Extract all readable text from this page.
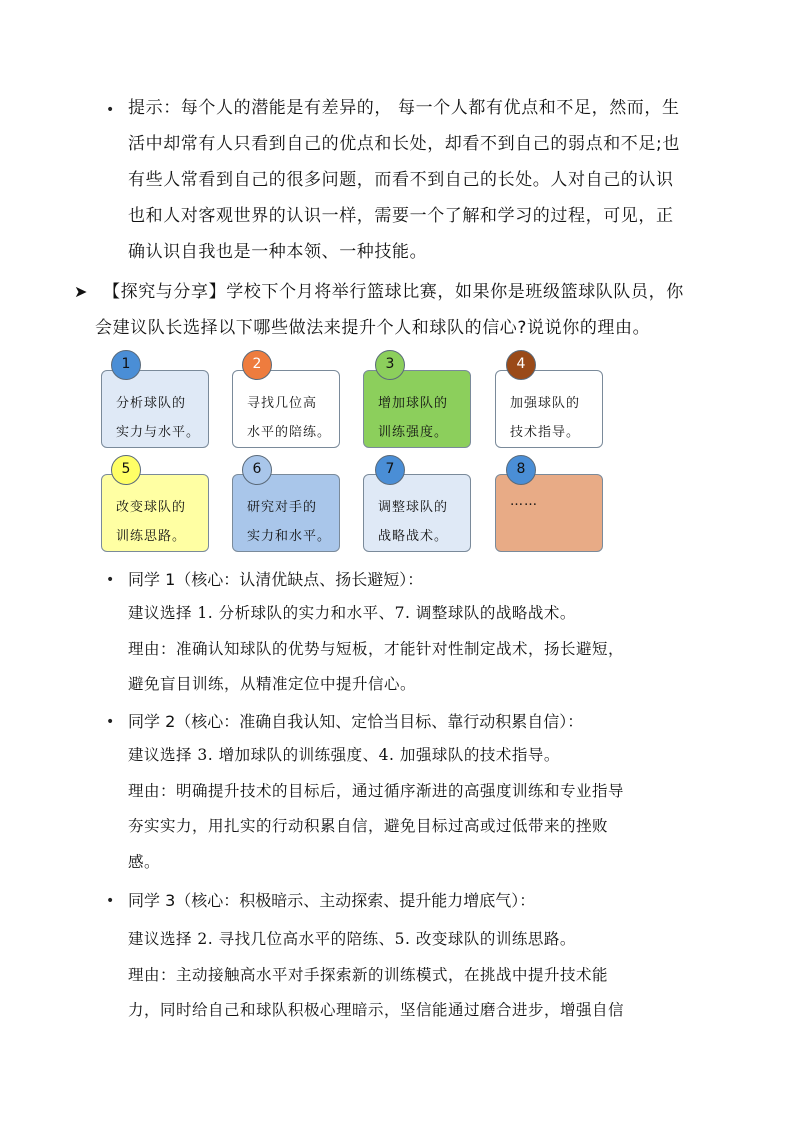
• 提示：每个人的潜能是有差异的， 每一个人都有优点和不足，然而，生
活中却常有人只看到自己的优点和长处，却看不到自己的弱点和不足;也
有些人常看到自己的很多问题，而看不到自己的长处。人对自己的认识
也和人对客观世界的认识一样，需要一个了解和学习的过程，可见，正
确认识自我也是一种本领、一种技能。
➤ 【探究与分享】学校下个月将举行篮球比赛，如果你是班级篮球队队员，你
会建议队长选择以下哪些做法来提升个人和球队的信心?说说你的理由。
分析球队的
实力与水平。
1
寻找几位高
水平的陪练。
2
增加球队的
训练强度。
3
加强球队的
技术指导。
4
改变球队的
训练思路。
5
研究对手的
实力和水平。
6
调整球队的
战略战术。
7
……
8
• 同学 1（核心：认清优缺点、扬长避短）：
建议选择 1. 分析球队的实力和水平、7. 调整球队的战略战术。
理由：准确认知球队的优势与短板，才能针对性制定战术，扬长避短，
避免盲目训练，从精准定位中提升信心。
• 同学 2（核心：准确自我认知、定恰当目标、靠行动积累自信）：
建议选择 3. 增加球队的训练强度、4. 加强球队的技术指导。
理由：明确提升技术的目标后，通过循序渐进的高强度训练和专业指导
夯实实力，用扎实的行动积累自信，避免目标过高或过低带来的挫败
感。
• 同学 3（核心：积极暗示、主动探索、提升能力增底气）：
建议选择 2. 寻找几位高水平的陪练、5. 改变球队的训练思路。
理由：主动接触高水平对手探索新的训练模式，在挑战中提升技术能
力，同时给自己和球队积极心理暗示，坚信能通过磨合进步，增强自信
